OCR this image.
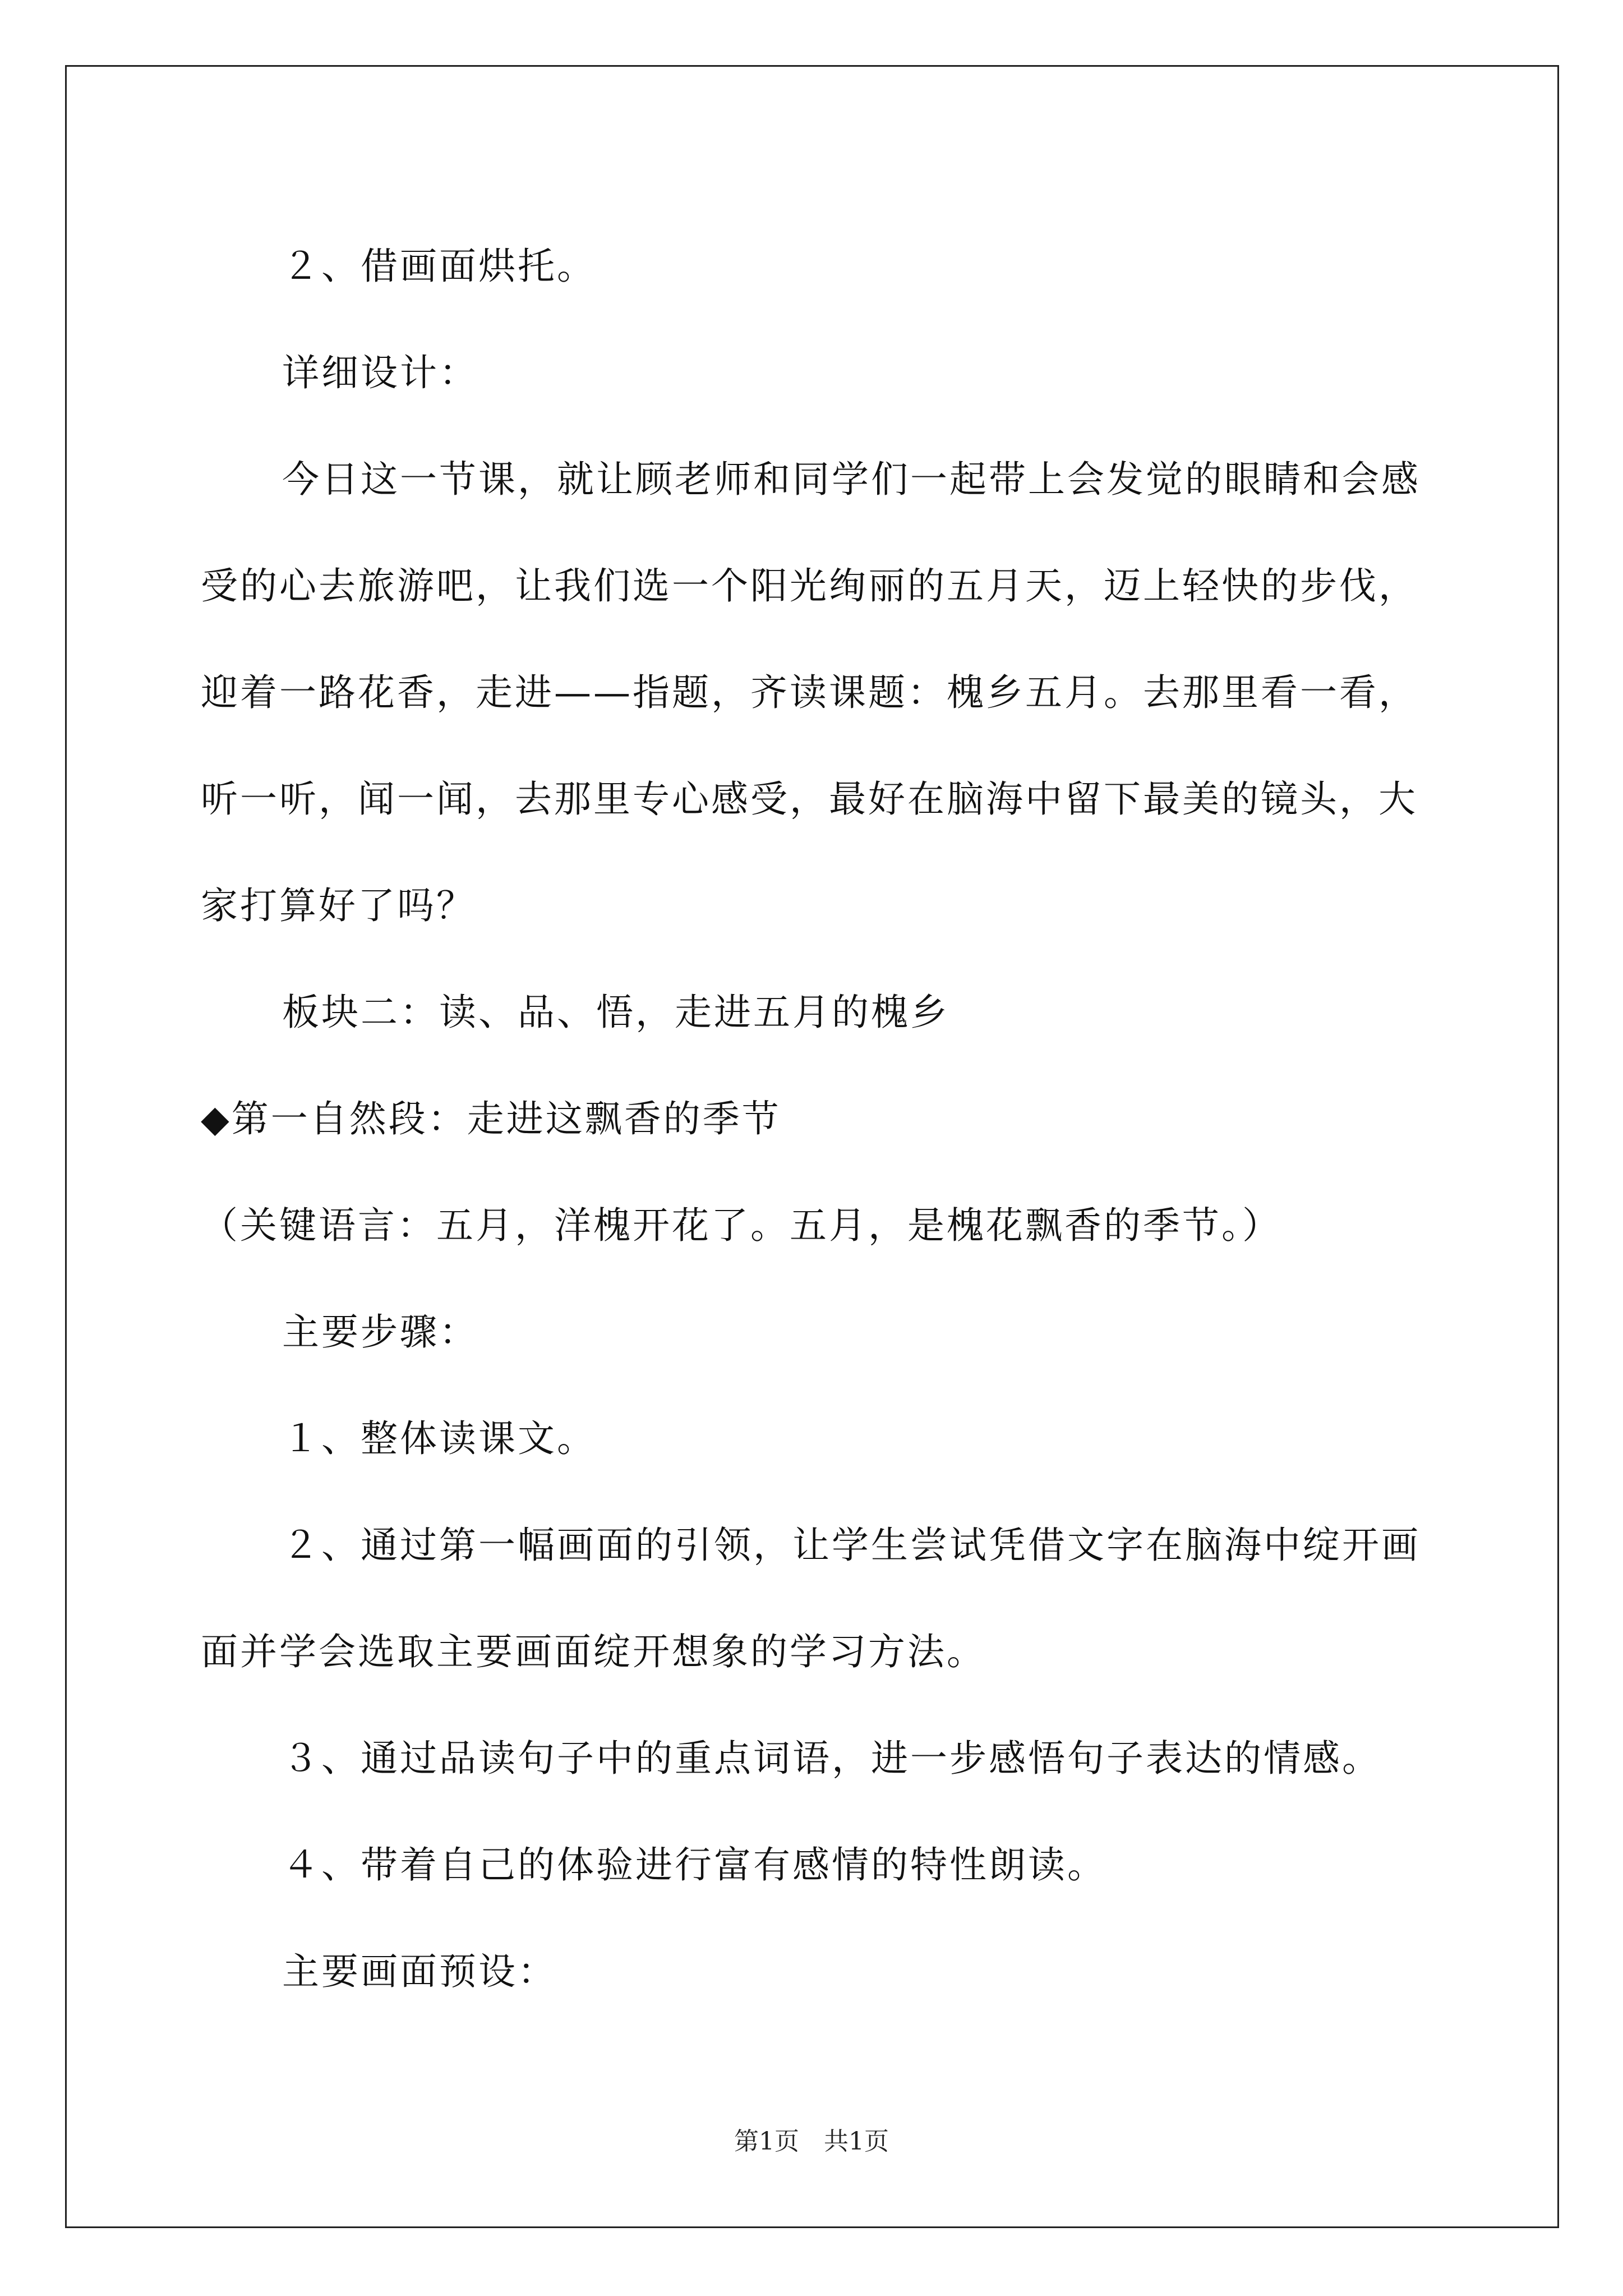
２、借画面烘托。

详细设计：

今日这一节课，就让顾老师和同学们一起带上会发觉的眼睛和会感受的心去旅游吧，让我们选一个阳光绚丽的五月天，迈上轻快的步伐，迎着一路花香，走进——指题，齐读课题：槐乡五月。去那里看一看，听一听，闻一闻，去那里专心感受，最好在脑海中留下最美的镜头，大家打算好了吗？

板块二：读、品、悟，走进五月的槐乡

◆第一自然段：走进这飘香的季节

（关键语言：五月，洋槐开花了。五月，是槐花飘香的季节。）

主要步骤：

１、整体读课文。

２、通过第一幅画面的引领，让学生尝试凭借文字在脑海中绽开画面并学会选取主要画面绽开想象的学习方法。

３、通过品读句子中的重点词语，进一步感悟句子表达的情感。

４、带着自己的体验进行富有感情的特性朗读。

主要画面预设：

第1页　共1页
